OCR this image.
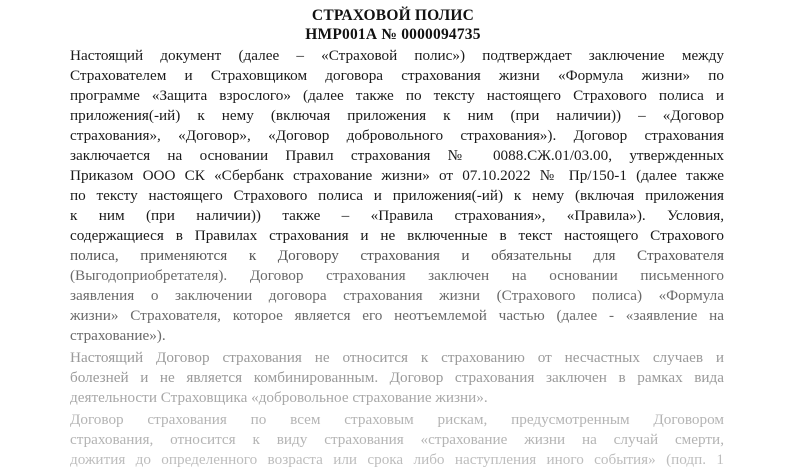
СТРАХОВОЙ ПОЛИС
НМР001А № 0000094735
Настоящий документ (далее – «Страховой полис») подтверждает заключение между
Страхователем и Страховщиком договора страхования жизни «Формула жизни» по
программе «Защита взрослого» (далее также по тексту настоящего Страхового полиса и
приложения(-ий) к нему (включая приложения к ним (при наличии)) – «Договор
страхования», «Договор», «Договор добровольного страхования»). Договор страхования
заключается на основании Правил страхования № 0088.СЖ.01/03.00, утвержденных
Приказом ООО СК «Сбербанк страхование жизни» от 07.10.2022 № Пр/150-1 (далее также
по тексту настоящего Страхового полиса и приложения(-ий) к нему (включая приложения
к ним (при наличии)) также – «Правила страхования», «Правила»). Условия,
содержащиеся в Правилах страхования и не включенные в текст настоящего Страхового
полиса, применяются к Договору страхования и обязательны для Страхователя
(Выгодоприобретателя). Договор страхования заключен на основании письменного
заявления о заключении договора страхования жизни (Страхового полиса) «Формула
жизни» Страхователя, которое является его неотъемлемой частью (далее - «заявление на
страхование»).
Настоящий Договор страхования не относится к страхованию от несчастных случаев и
болезней и не является комбинированным. Договор страхования заключен в рамках вида
деятельности Страховщика «добровольное страхование жизни».
Договор страхования по всем страховым рискам, предусмотренным Договором
страхования, относится к виду страхования «страхование жизни на случай смерти,
дожития до определенного возраста или срока либо наступления иного события» (подп. 1
